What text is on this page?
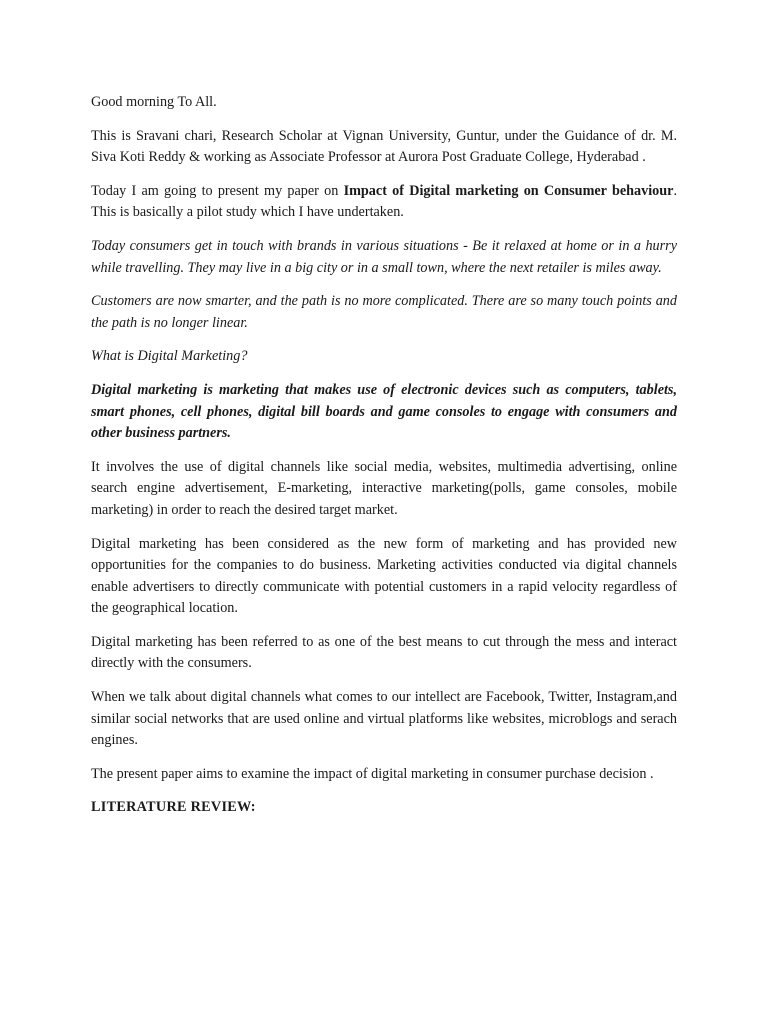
Good morning To All.

This is Sravani chari, Research Scholar at Vignan University, Guntur, under the Guidance of dr. M. Siva Koti Reddy & working as Associate Professor at Aurora Post Graduate College, Hyderabad .

Today I am going to present my paper on Impact of Digital marketing on Consumer behaviour. This is basically a pilot study which I have undertaken.

Today consumers get in touch with brands in various situations - Be it relaxed at home or in a hurry while travelling. They may live in a big city or in a small town, where the next retailer is miles away.

Customers are now smarter, and the path is no more complicated. There are so many touch points and the path is no longer linear.

What is Digital Marketing?

Digital marketing is marketing that makes use of electronic devices such as computers, tablets, smart phones, cell phones, digital bill boards and game consoles to engage with consumers and other business partners.

It involves the use of digital channels like social media, websites, multimedia advertising, online search engine advertisement, E-marketing, interactive marketing(polls, game consoles, mobile marketing) in order to reach the desired target market.

Digital marketing has been considered as the new form of marketing and has provided new opportunities for the companies to do business. Marketing activities conducted via digital channels enable advertisers to directly communicate with potential customers in a rapid velocity regardless of the geographical location.

Digital marketing has been referred to as one of the best means to cut through the mess and interact directly with the consumers.

When we talk about digital channels what comes to our intellect are Facebook, Twitter, Instagram,and similar social networks that are used online and virtual platforms like websites, microblogs and serach engines.

The present paper aims to examine the impact of digital marketing in consumer purchase decision .

LITERATURE REVIEW:
